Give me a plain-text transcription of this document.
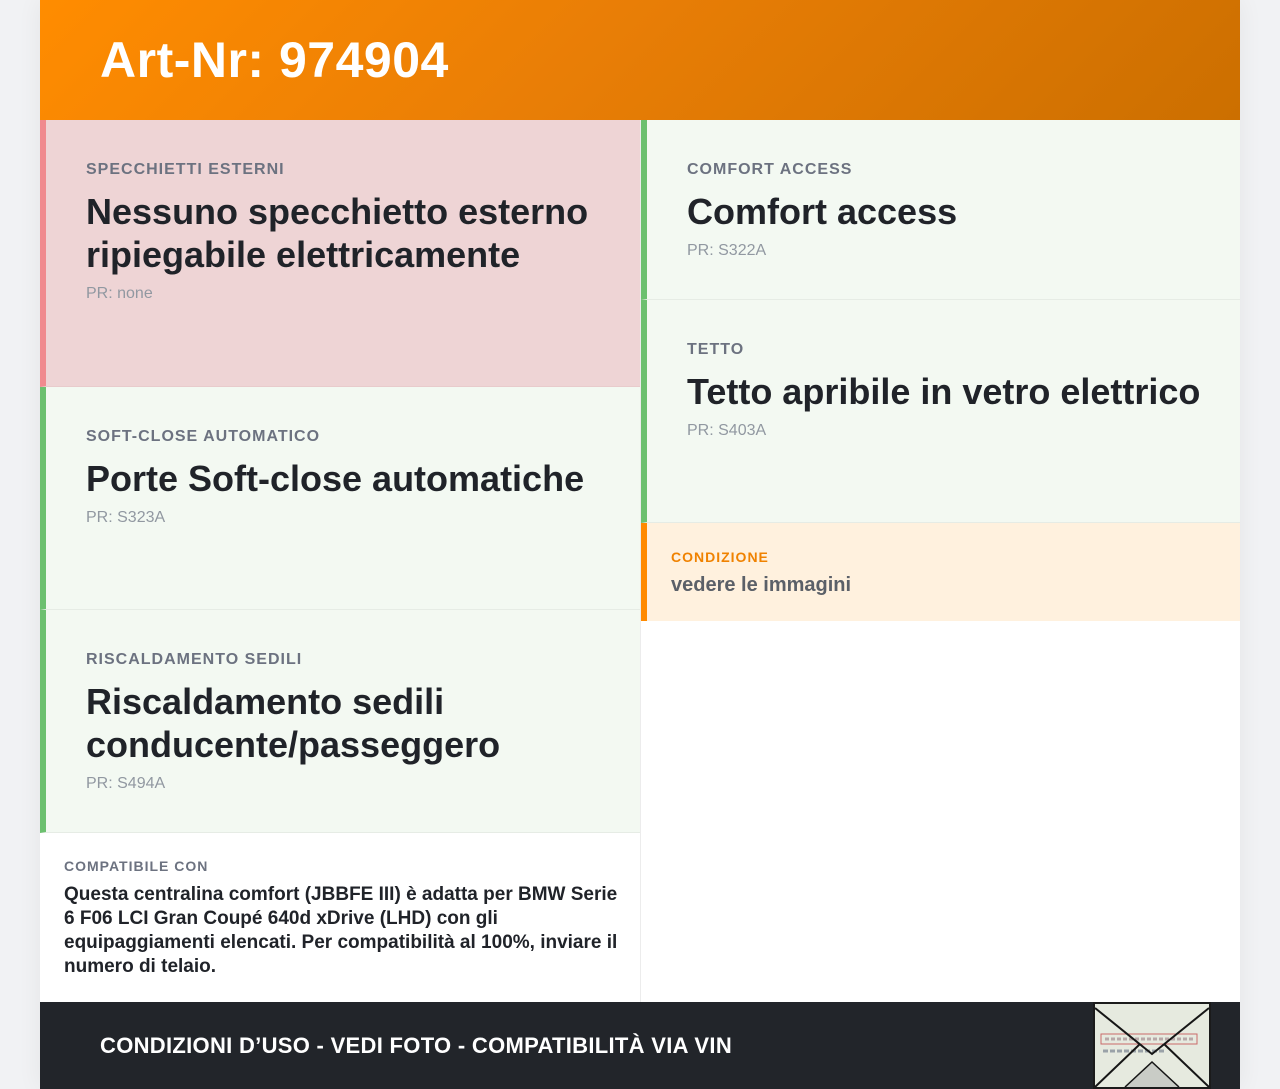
Art-Nr: 974904
SPECCHIETTI ESTERNI
Nessuno specchietto esterno ripiegabile elettricamente
PR: none
SOFT-CLOSE AUTOMATICO
Porte Soft-close automatiche
PR: S323A
RISCALDAMENTO SEDILI
Riscaldamento sedili conducente/passeggero
PR: S494A
COMPATIBILE CON
Questa centralina comfort (JBBFE III) è adatta per BMW Serie 6 F06 LCI Gran Coupé 640d xDrive (LHD) con gli equipaggiamenti elencati. Per compatibilità al 100%, inviare il numero di telaio.
COMFORT ACCESS
Comfort access
PR: S322A
TETTO
Tetto apribile in vetro elettrico
PR: S403A
CONDIZIONE
vedere le immagini
CONDIZIONI D’USO - VEDI FOTO - COMPATIBILITÀ VIA VIN
